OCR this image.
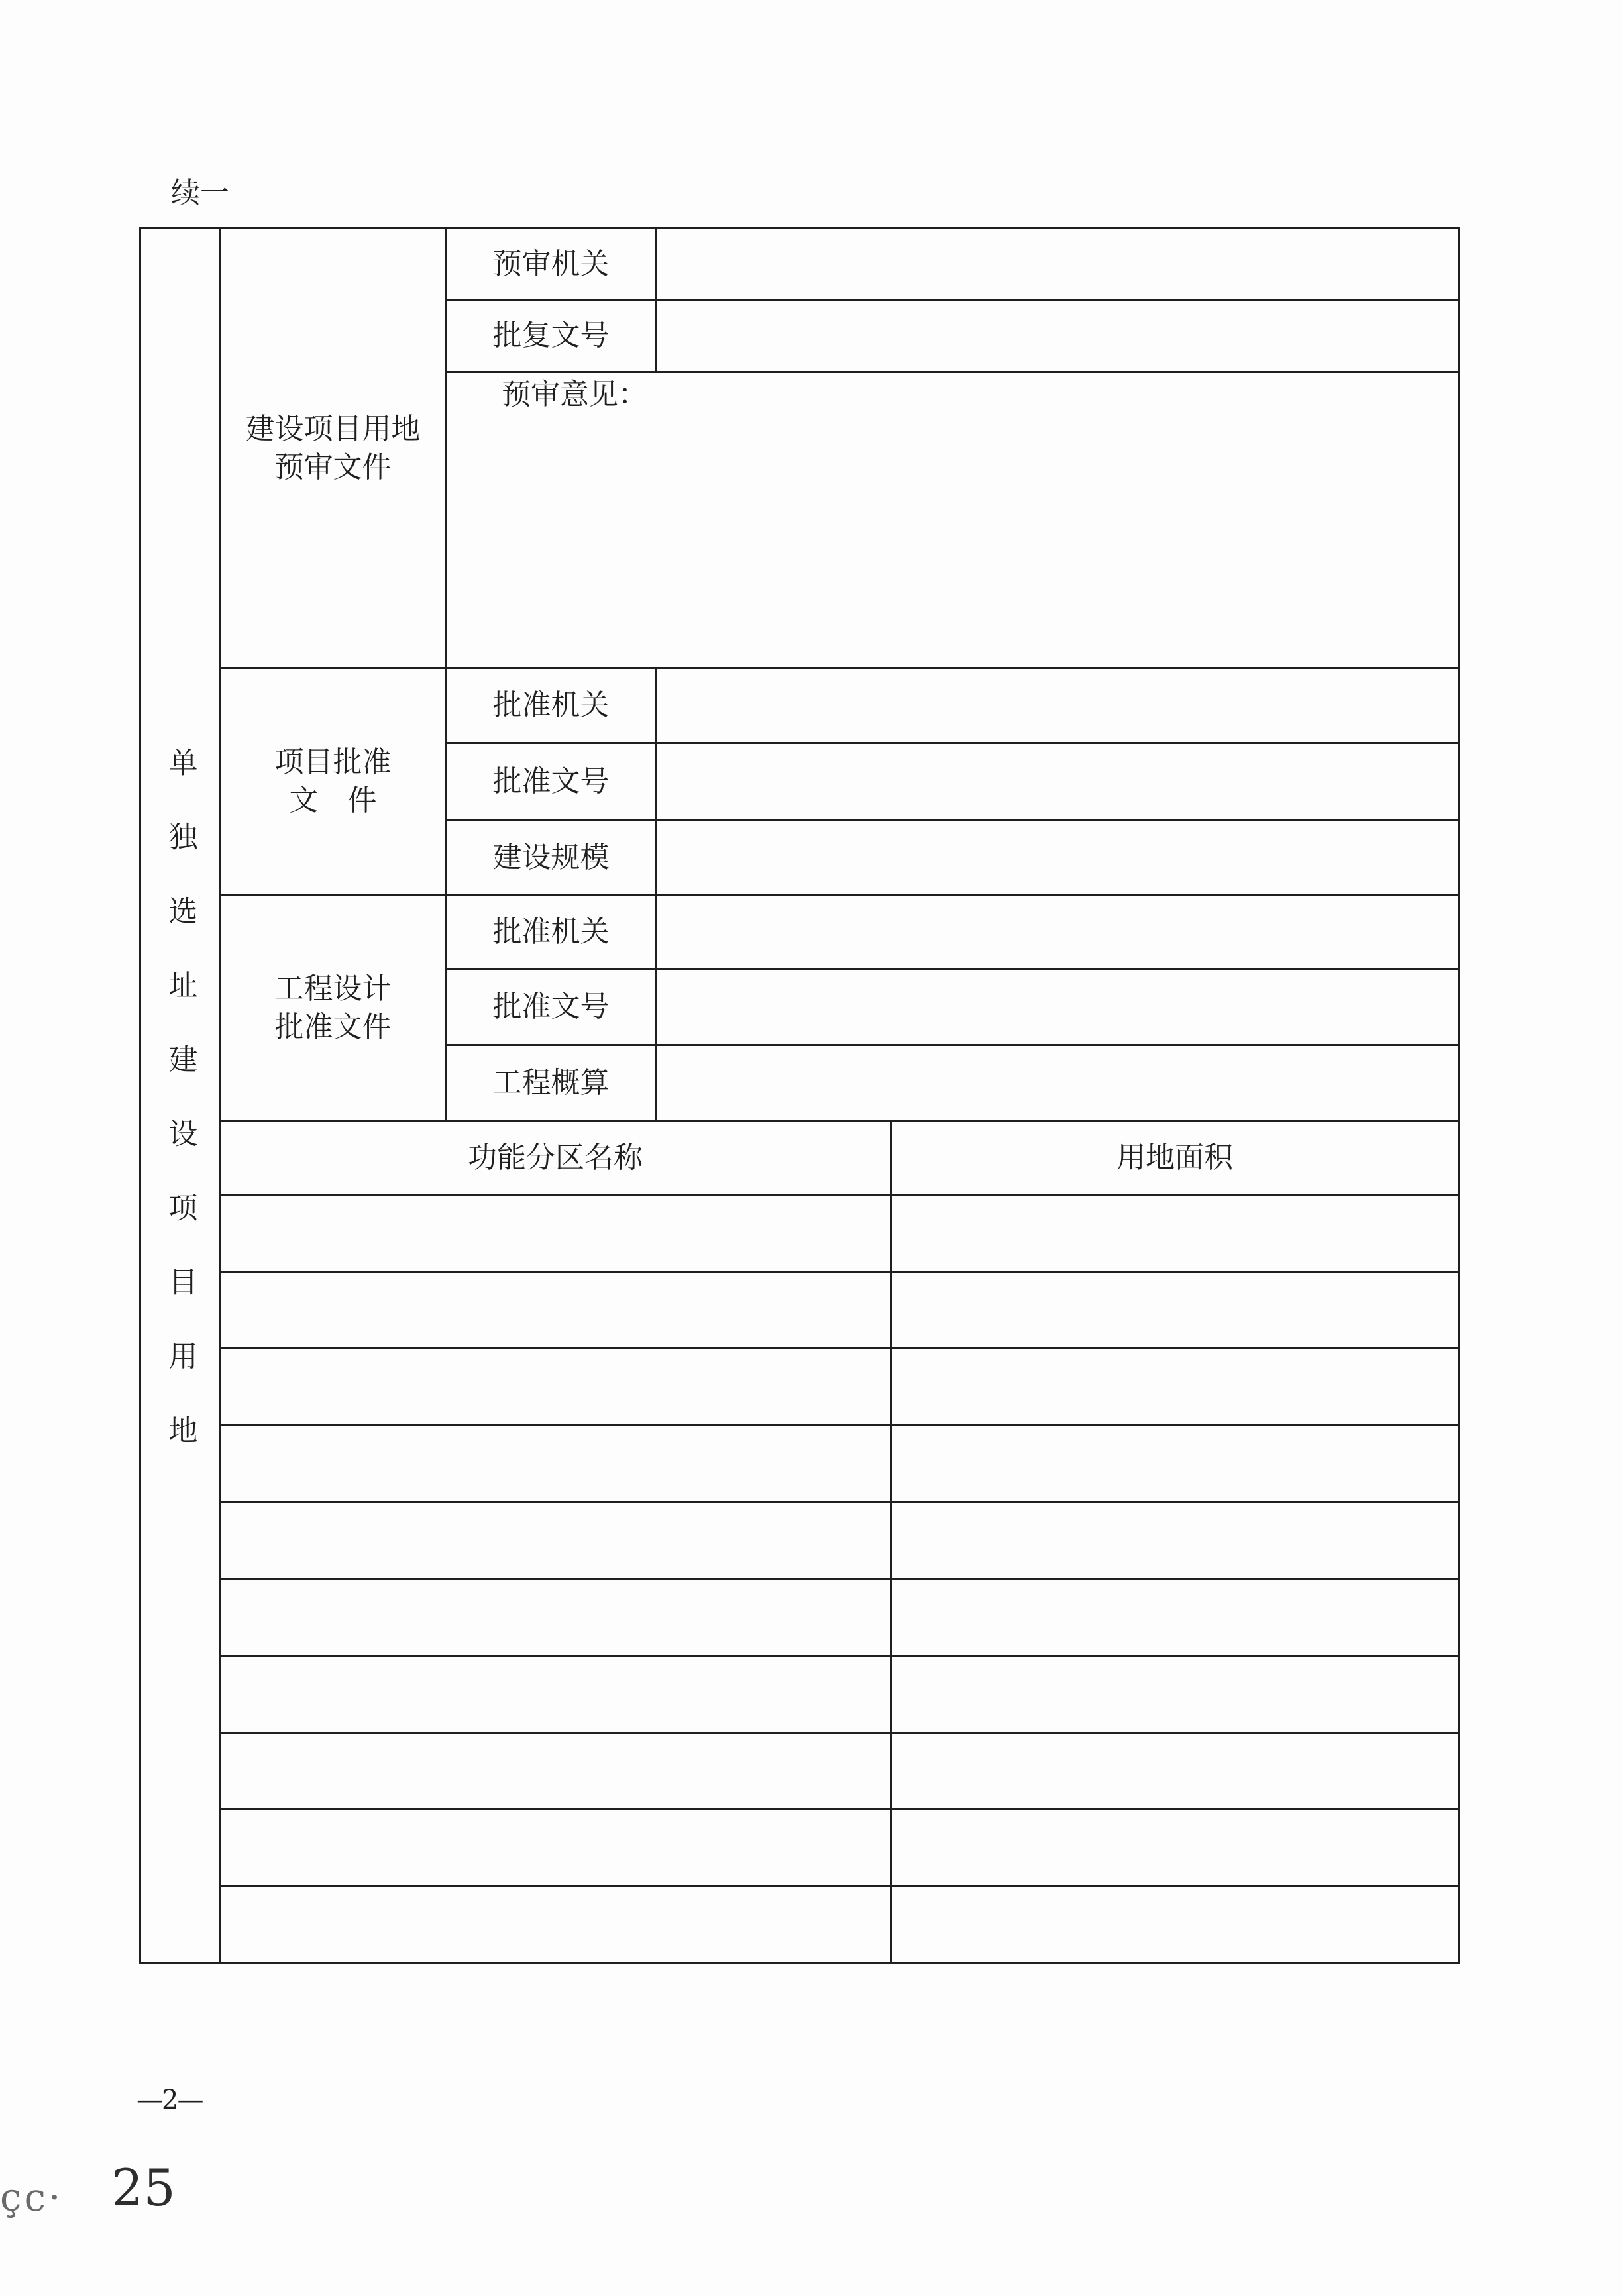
续一
单独选址建设项目用地
建设项目用地
预审文件
预审机关
批复文号
预审意见：
项目批准
文　件
批准机关
批准文号
建设规模
工程设计
批准文件
批准机关
批准文号
工程概算
功能分区名称	用地面积
—2—
çc· 25
